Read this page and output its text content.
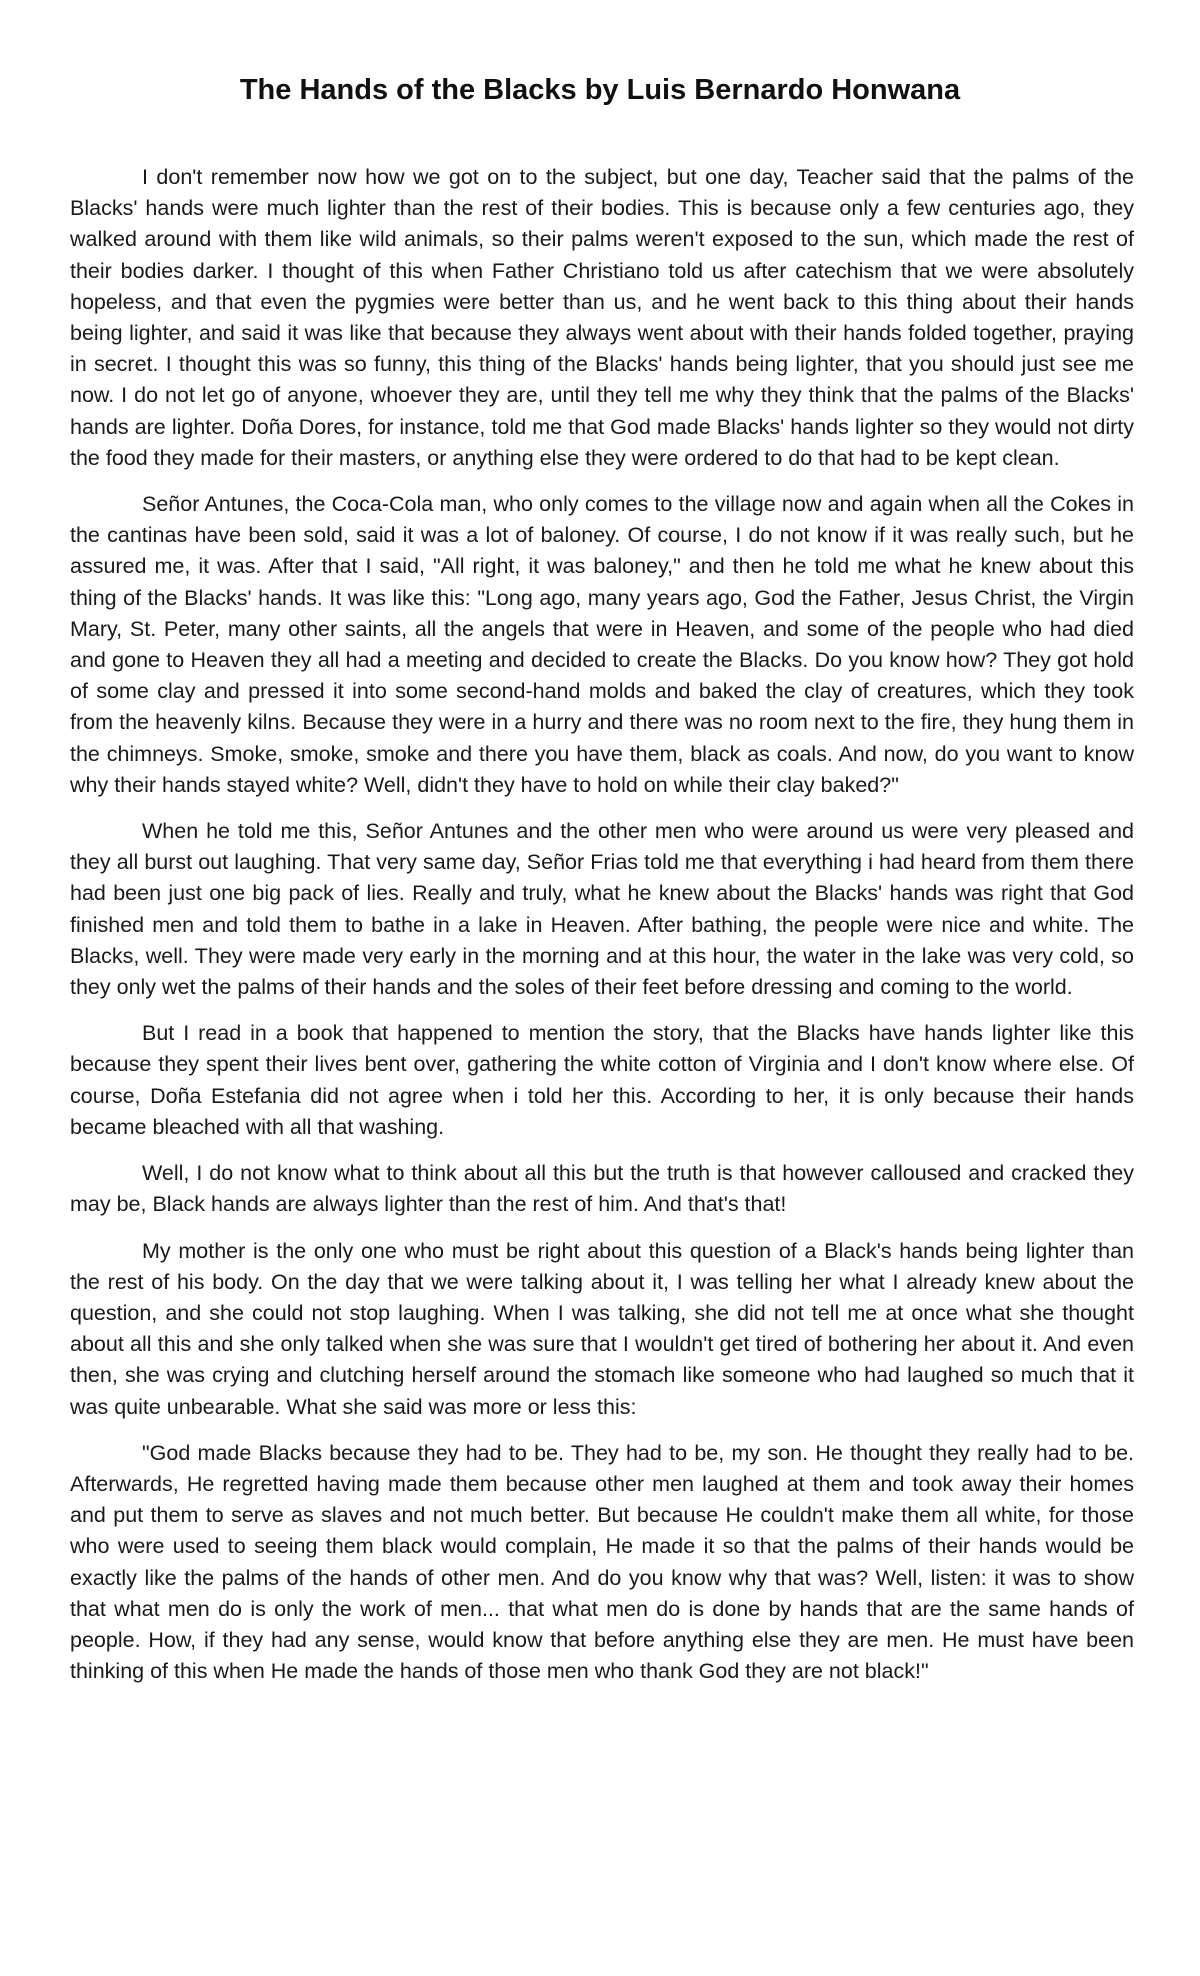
The Hands of the Blacks by Luis Bernardo Honwana

I don't remember now how we got on to the subject, but one day, Teacher said that the palms of the Blacks' hands were much lighter than the rest of their bodies. This is because only a few centuries ago, they walked around with them like wild animals, so their palms weren't exposed to the sun, which made the rest of their bodies darker. I thought of this when Father Christiano told us after catechism that we were absolutely hopeless, and that even the pygmies were better than us, and he went back to this thing about their hands being lighter, and said it was like that because they always went about with their hands folded together, praying in secret. I thought this was so funny, this thing of the Blacks' hands being lighter, that you should just see me now. I do not let go of anyone, whoever they are, until they tell me why they think that the palms of the Blacks' hands are lighter. Doña Dores, for instance, told me that God made Blacks' hands lighter so they would not dirty the food they made for their masters, or anything else they were ordered to do that had to be kept clean.

Señor Antunes, the Coca-Cola man, who only comes to the village now and again when all the Cokes in the cantinas have been sold, said it was a lot of baloney. Of course, I do not know if it was really such, but he assured me, it was. After that I said, "All right, it was baloney," and then he told me what he knew about this thing of the Blacks' hands. It was like this: "Long ago, many years ago, God the Father, Jesus Christ, the Virgin Mary, St. Peter, many other saints, all the angels that were in Heaven, and some of the people who had died and gone to Heaven they all had a meeting and decided to create the Blacks. Do you know how? They got hold of some clay and pressed it into some second-hand molds and baked the clay of creatures, which they took from the heavenly kilns. Because they were in a hurry and there was no room next to the fire, they hung them in the chimneys. Smoke, smoke, smoke and there you have them, black as coals. And now, do you want to know why their hands stayed white? Well, didn't they have to hold on while their clay baked?"

When he told me this, Señor Antunes and the other men who were around us were very pleased and they all burst out laughing. That very same day, Señor Frias told me that everything i had heard from them there had been just one big pack of lies. Really and truly, what he knew about the Blacks' hands was right that God finished men and told them to bathe in a lake in Heaven. After bathing, the people were nice and white. The Blacks, well. They were made very early in the morning and at this hour, the water in the lake was very cold, so they only wet the palms of their hands and the soles of their feet before dressing and coming to the world.

But I read in a book that happened to mention the story, that the Blacks have hands lighter like this because they spent their lives bent over, gathering the white cotton of Virginia and I don't know where else. Of course, Doña Estefania did not agree when i told her this. According to her, it is only because their hands became bleached with all that washing.

Well, I do not know what to think about all this but the truth is that however calloused and cracked they may be, Black hands are always lighter than the rest of him. And that's that!

My mother is the only one who must be right about this question of a Black's hands being lighter than the rest of his body. On the day that we were talking about it, I was telling her what I already knew about the question, and she could not stop laughing. When I was talking, she did not tell me at once what she thought about all this and she only talked when she was sure that I wouldn't get tired of bothering her about it. And even then, she was crying and clutching herself around the stomach like someone who had laughed so much that it was quite unbearable. What she said was more or less this:

"God made Blacks because they had to be. They had to be, my son. He thought they really had to be. Afterwards, He regretted having made them because other men laughed at them and took away their homes and put them to serve as slaves and not much better. But because He couldn't make them all white, for those who were used to seeing them black would complain, He made it so that the palms of their hands would be exactly like the palms of the hands of other men. And do you know why that was? Well, listen: it was to show that what men do is only the work of men... that what men do is done by hands that are the same hands of people. How, if they had any sense, would know that before anything else they are men. He must have been thinking of this when He made the hands of those men who thank God they are not black!"
